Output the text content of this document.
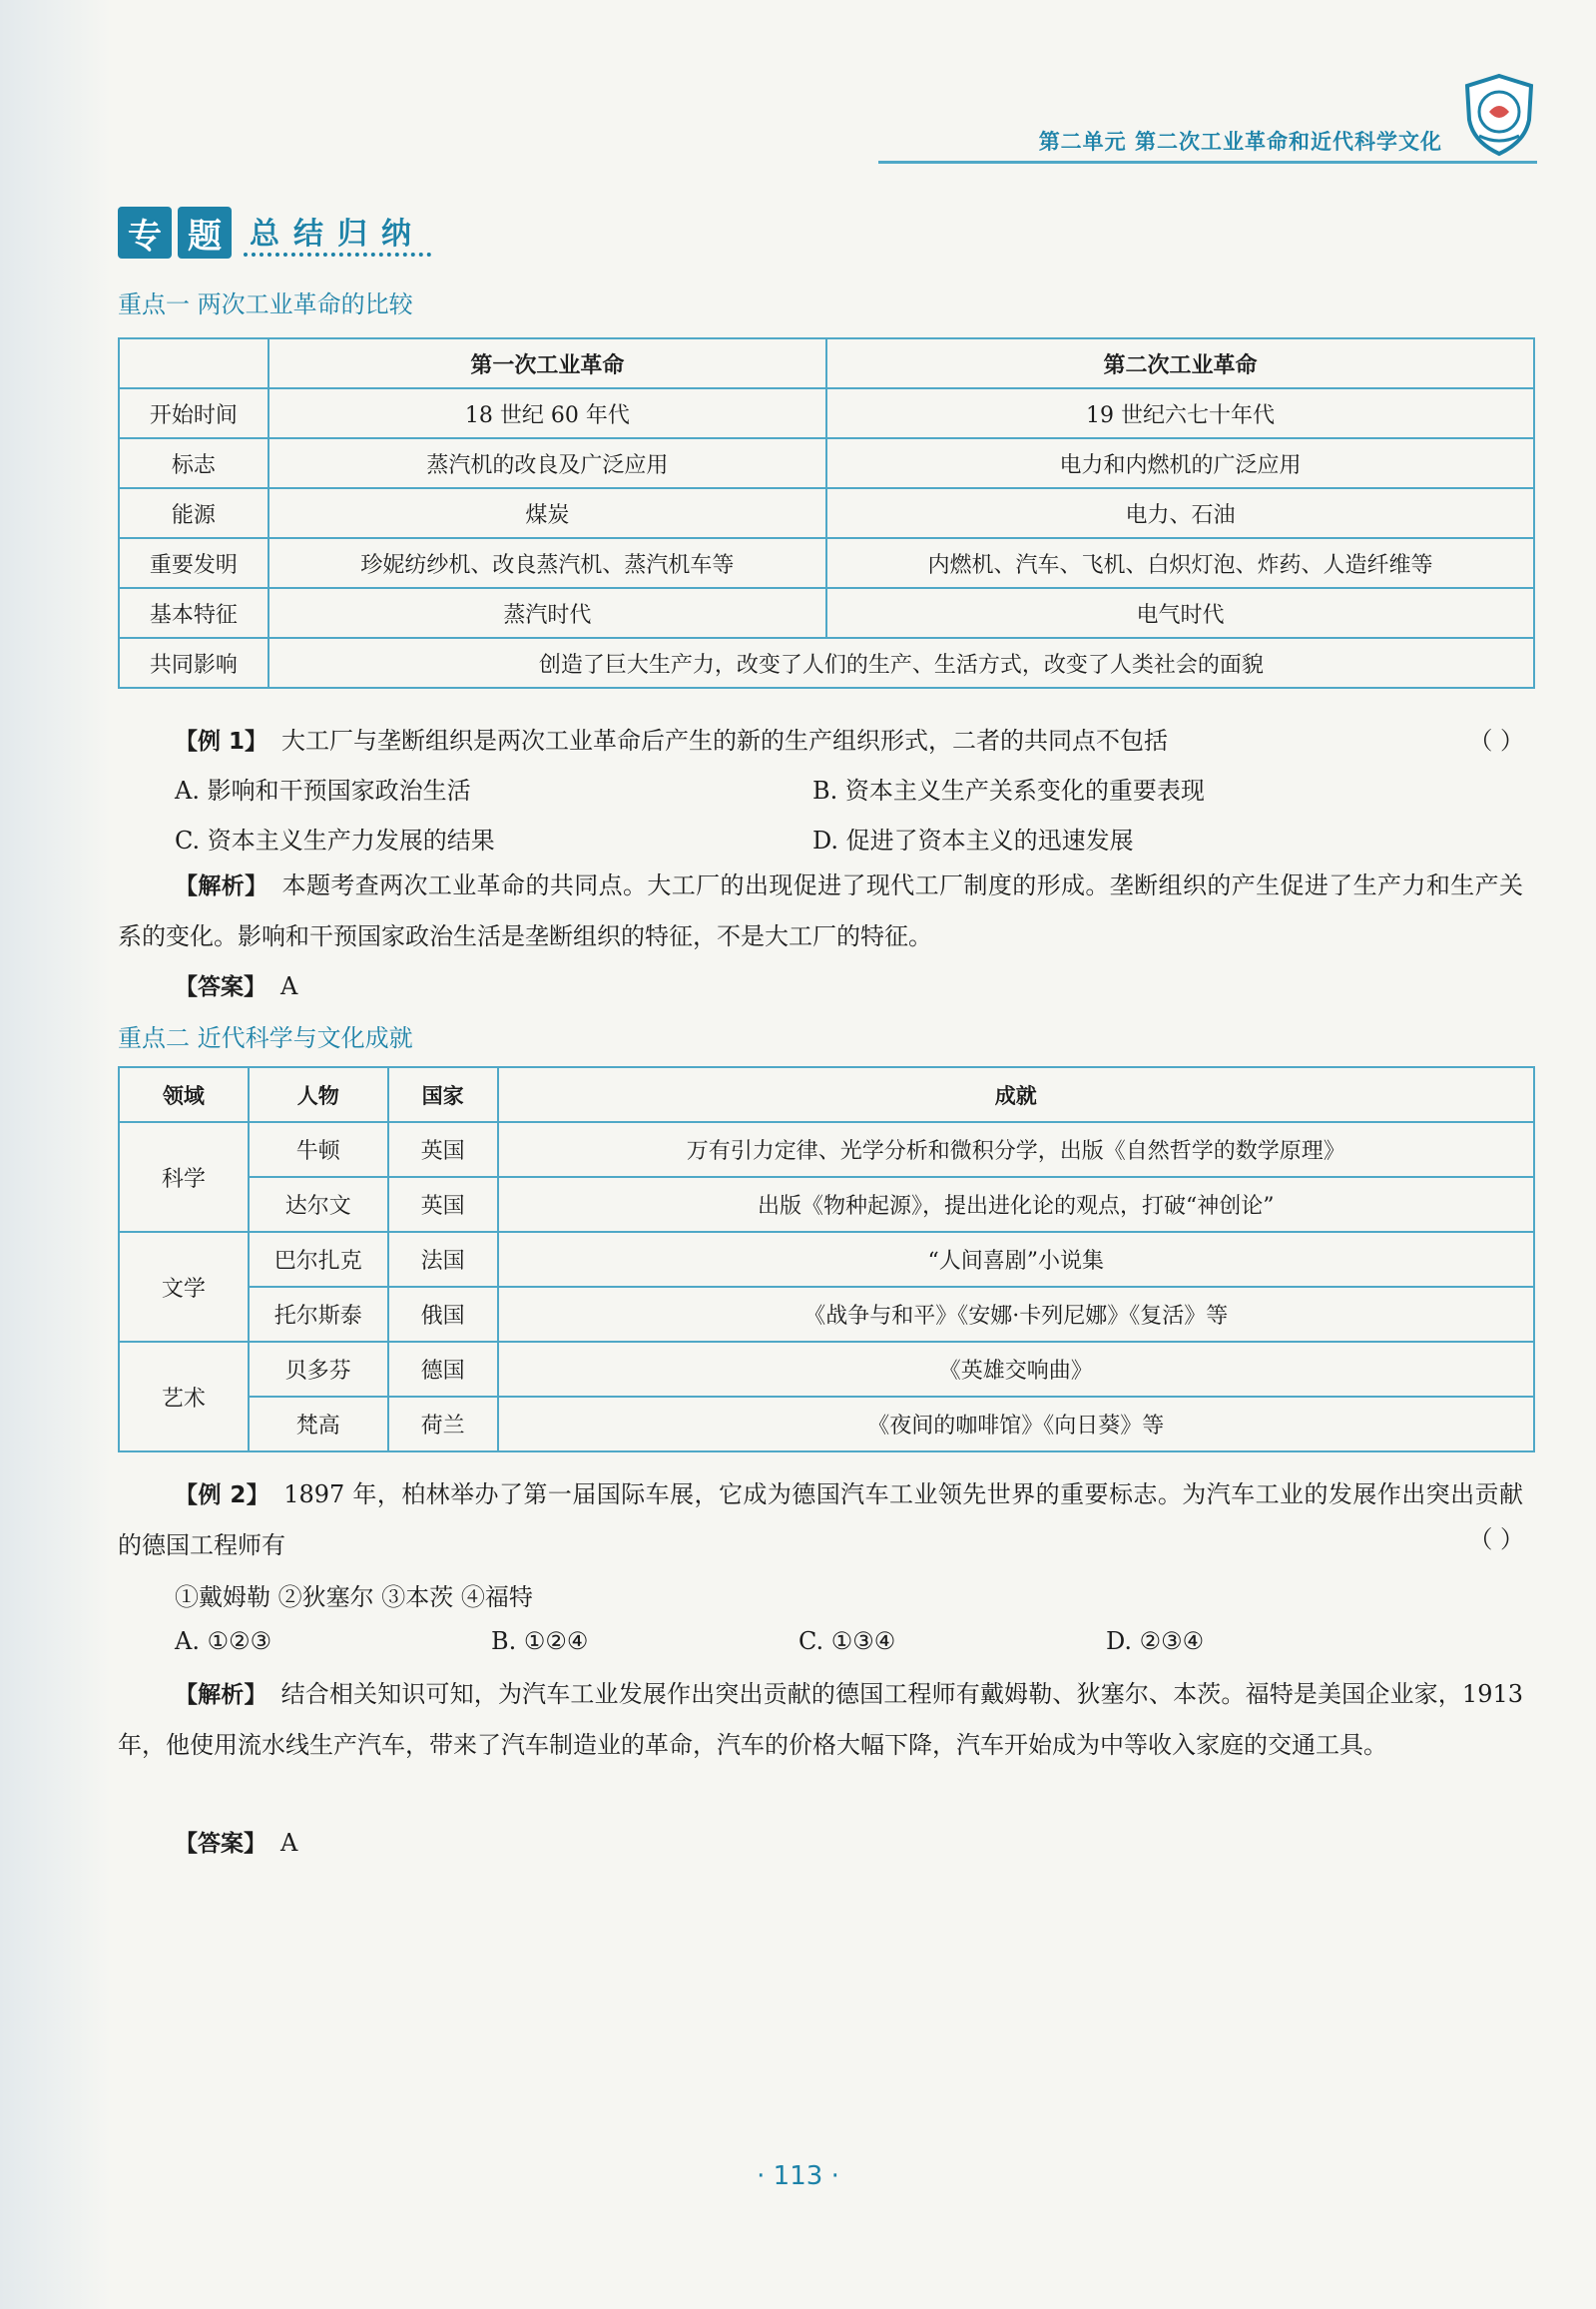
第二单元 第二次工业革命和近代科学文化
专 题 总结归纳
重点一 两次工业革命的比较
	第一次工业革命	第二次工业革命
开始时间	18 世纪 60 年代	19 世纪六七十年代
标志	蒸汽机的改良及广泛应用	电力和内燃机的广泛应用
能源	煤炭	电力、石油
重要发明	珍妮纺纱机、改良蒸汽机、蒸汽机车等	内燃机、汽车、飞机、白炽灯泡、炸药、人造纤维等
基本特征	蒸汽时代	电气时代
共同影响	创造了巨大生产力，改变了人们的生产、生活方式，改变了人类社会的面貌	
【例 1】 大工厂与垄断组织是两次工业革命后产生的新的生产组织形式，二者的共同点不包括	（ ）
A. 影响和干预国家政治生活	B. 资本主义生产关系变化的重要表现
C. 资本主义生产力发展的结果	D. 促进了资本主义的迅速发展
【解析】 本题考查两次工业革命的共同点。大工厂的出现促进了现代工厂制度的形成。垄断组织的产生促进了生产力和生产关系的变化。影响和干预国家政治生活是垄断组织的特征，不是大工厂的特征。
【答案】 A
重点二 近代科学与文化成就
领域	人物	国家	成就
科学	牛顿	英国	万有引力定律、光学分析和微积分学，出版《自然哲学的数学原理》
	达尔文	英国	出版《物种起源》，提出进化论的观点，打破“神创论”
文学	巴尔扎克	法国	“人间喜剧”小说集
	托尔斯泰	俄国	《战争与和平》《安娜·卡列尼娜》《复活》等
艺术	贝多芬	德国	《英雄交响曲》
	梵高	荷兰	《夜间的咖啡馆》《向日葵》等
【例 2】 1897 年，柏林举办了第一届国际车展，它成为德国汽车工业领先世界的重要标志。为汽车工业的发展作出突出贡献的德国工程师有	（ ）
①戴姆勒 ②狄塞尔 ③本茨 ④福特
A. ①②③	B. ①②④	C. ①③④	D. ②③④
【解析】 结合相关知识可知，为汽车工业发展作出突出贡献的德国工程师有戴姆勒、狄塞尔、本茨。福特是美国企业家，1913 年，他使用流水线生产汽车，带来了汽车制造业的革命，汽车的价格大幅下降，汽车开始成为中等收入家庭的交通工具。
【答案】 A
· 113 ·
